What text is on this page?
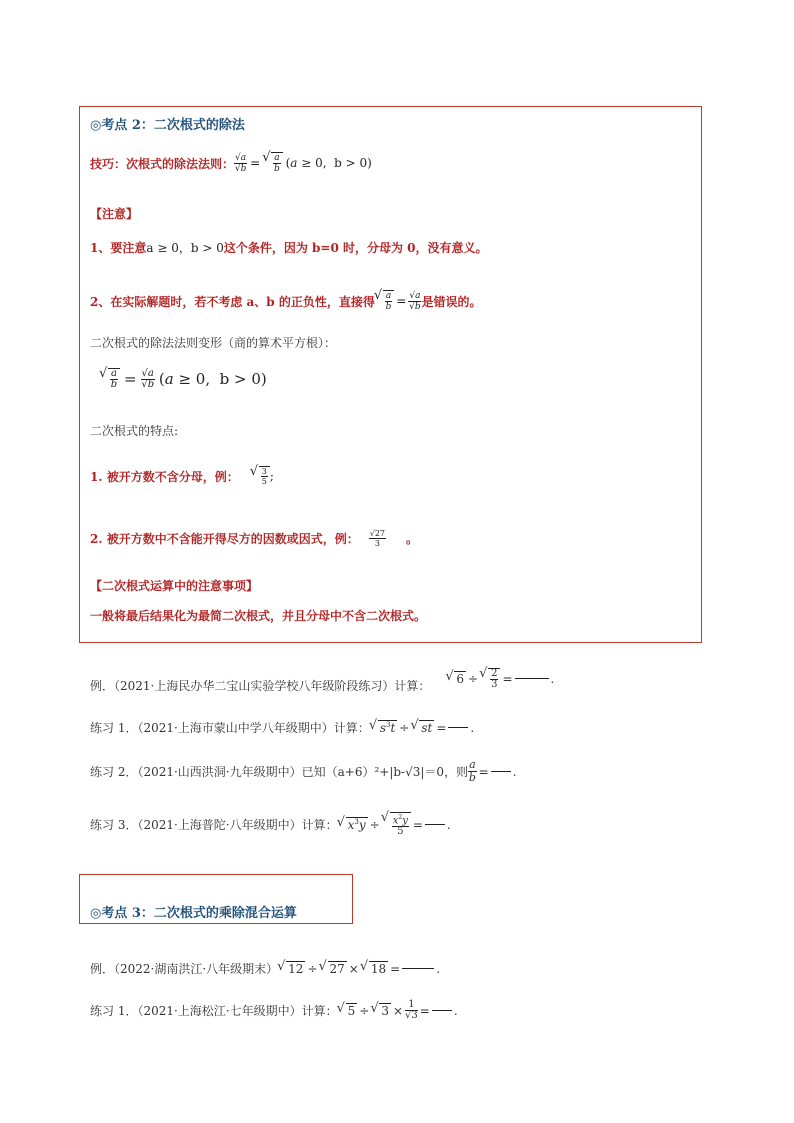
◎考点 2：二次根式的除法
技巧：次根式的除法法则： $\frac{√a}{√b}$ = √ $\frac{a}{b} (a \ge 0$,  b > 0)
【注意】
1、要注意a ≥ 0，b > 0这个条件，因为 b=0 时，分母为 0，没有意义。
2、在实际解题时，若不考虑 a、b 的正负性，直接得 √ $\frac{a}{b} = \frac{√a}{√b}$ 是错误的。
二次根式的除法法则变形（商的算术平方根）：
√ $\frac{a}{b} = \frac{√a}{√b} (a \ge 0$,  b > 0)
二次根式的特点:
1. 被开方数不含分母，例：	√ $\frac{3}{5}$ ;
2. 被开方数中不含能开得尽方的因数或因式，例： $\frac{√27}{3}$ 。
【二次根式运算中的注意事项】
一般将最后结果化为最简二次根式，并且分母中不含二次根式。
例．（2021·上海民办华二宝山实验学校八年级阶段练习）计算： √ 6 ÷ √ $\frac{2}{3}$ =	.
练习 1．（2021·上海市蒙山中学八年级期中）计算： √ $s^3t$ ÷ √ st = .
练习 2．（2021·山西洪洞·九年级期中）已知（a+6）²+|b-√3|＝0，则 $\frac{a}{b}$ = .
练习 3．（2021·上海普陀·八年级期中）计算： √ $x^3y$ ÷ √ $\frac{x^2y}{5}$ = .
◎考点 3：二次根式的乘除混合运算
例．（2022·湖南洪江·八年级期末） √ 12 ÷ √ 27 × √ 18 =	.
练习 1．（2021·上海松江·七年级期中）计算： √ 5 ÷ √ $3 \times \frac{1}{√3}$ = .
